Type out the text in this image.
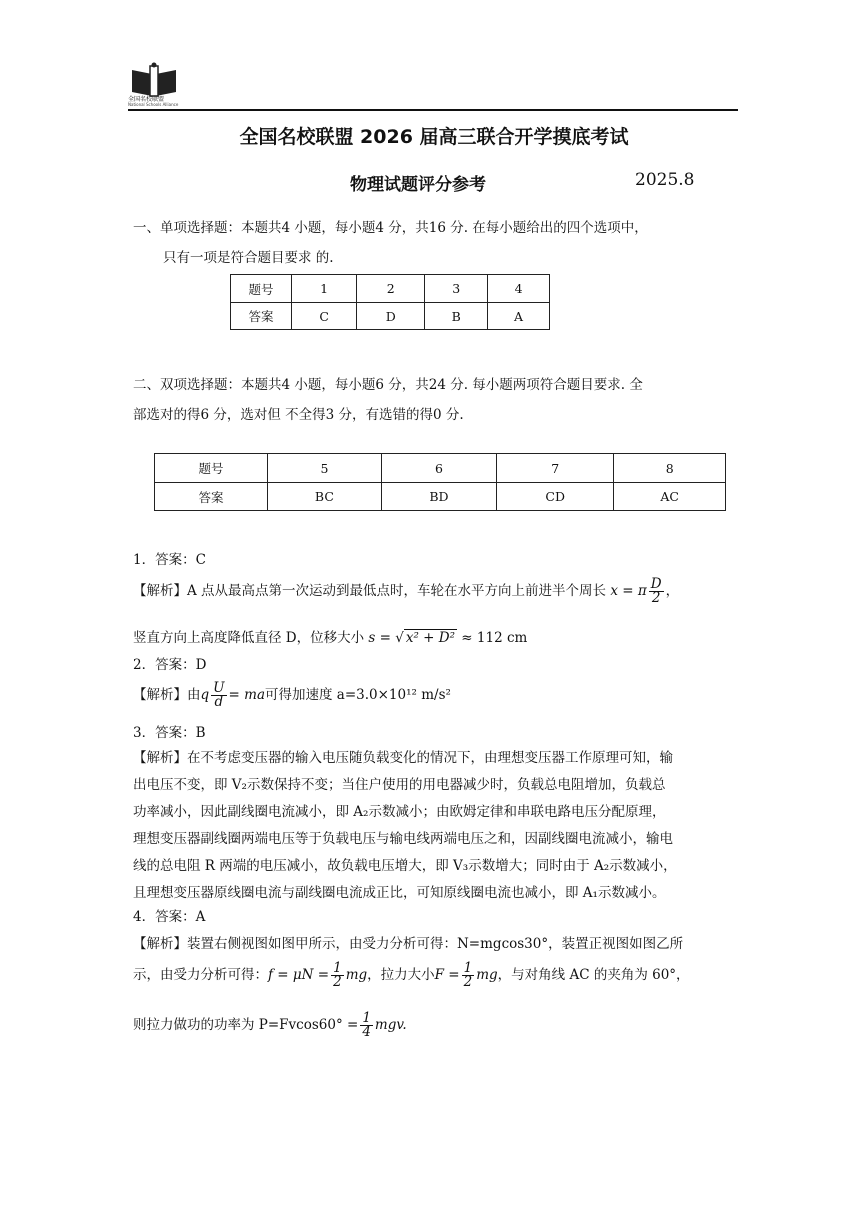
全国名校联盟
National Schools Alliance
全国名校联盟 2026 届高三联合开学摸底考试
物理试题评分参考	2025.8
一、单项选择题：本题共4 小题，每小题4 分，共16 分. 在每小题给出的四个选项中，
只有一项是符合题目要求 的.
题号	1	2	3	4
答案	C	D	B	A
二、双项选择题：本题共4 小题，每小题6 分，共24 分. 每小题两项符合题目要求. 全
部选对的得6 分，选对但 不全得3 分，有选错的得0 分.
题号	5	6	7	8
答案	BC	BD	CD	AC
1．答案：C
【解析】A 点从最高点第一次运动到最低点时，车轮在水平方向上前进半个周长 x = π $\frac{D}{2}$ ，
竖直方向上高度降低直径 D，位移大小 s = √ x² + D² ≈ 112 cm
2．答案：D
【解析】由q $\frac{U}{d}$ = ma可得加速度 a=3.0×10¹² m/s²
3．答案：B
【解析】在不考虑变压器的输入电压随负载变化的情况下，由理想变压器工作原理可知，输
出电压不变，即 V₂示数保持不变；当住户使用的用电器减少时，负载总电阻增加，负载总
功率减小，因此副线圈电流减小，即 A₂示数减小；由欧姆定律和串联电路电压分配原理，
理想变压器副线圈两端电压等于负载电压与输电线两端电压之和，因副线圈电流减小，输电
线的总电阻 R 两端的电压减小，故负载电压增大，即 V₃示数增大；同时由于 A₂示数减小，
且理想变压器原线圈电流与副线圈电流成正比，可知原线圈电流也减小，即 A₁示数减小。
4．答案：A
【解析】装置右侧视图如图甲所示，由受力分析可得：N=mgcos30°，装置正视图如图乙所
示，由受力分析可得：$f = \mu N = \frac{1}{2}$ mg，拉力大小$F = \frac{1}{2}$ mg，与对角线 AC 的夹角为 60°，
则拉力做功的功率为 $P=Fvcos60^\circ = \frac{1}{4}$ mgv.
